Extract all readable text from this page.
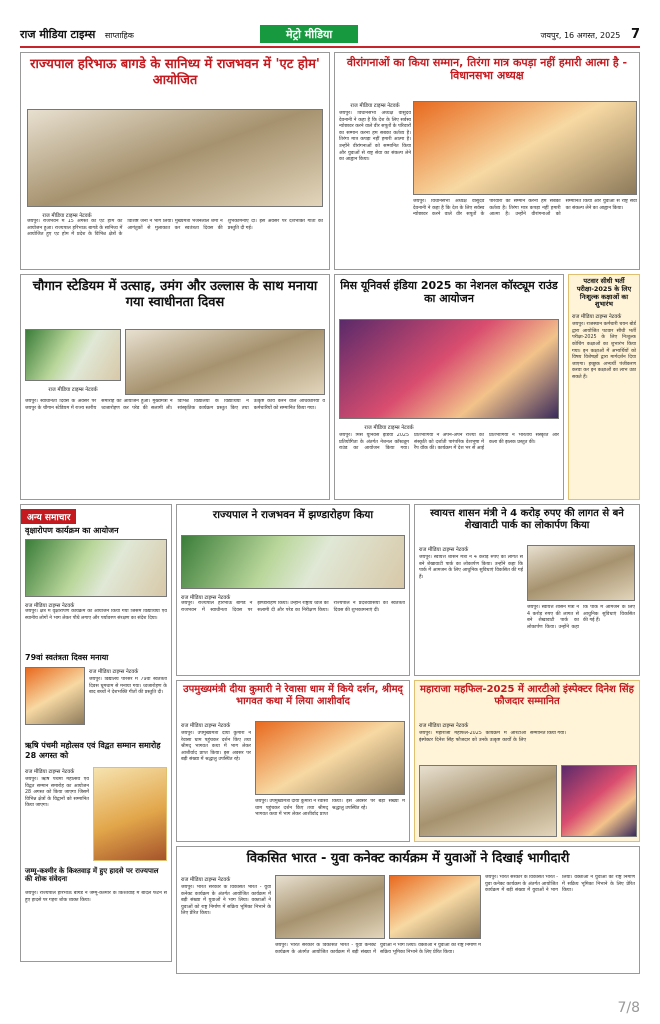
राज मीडिया टाइम्स साप्ताहिक	मेट्रो मीडिया	जयपुर, 16 अगस्त, 2025 7
राज्यपाल हरिभाऊ बागडे के सानिध्य में राजभवन में 'एट होम' आयोजित
राज मीडिया टाइम्स नेटवर्क
जयपुर। राजभवन में 15 अगस्त को एट होम का आयोजन हुआ। राज्यपाल हरिभाऊ बागडे के सानिध्य में आयोजित हुए एट होम में प्रदेश के विभिन्न क्षेत्रों के विशिष्ट जनों ने भाग लिया। मुख्यमंत्री भजनलाल शर्मा ने आगंतुकों से मुलाकात कर स्वतंत्रता दिवस की शुभकामनाएं दीं। इस अवसर पर देशभक्ति गीतों की प्रस्तुति दी गई।
वीरांगनाओं का किया सम्मान, तिरंगा मात्र कपड़ा नहीं हमारी आत्मा है - विधानसभा अध्यक्ष
राज मीडिया टाइम्स नेटवर्क
जयपुर। विधानसभा अध्यक्ष वासुदेव देवनानी ने कहा है कि देश के लिए सर्वस्व न्योछावर करने वाले वीर सपूतों के परिवारों का सम्मान करना हम सबका कर्तव्य है। तिरंगा मात्र कपड़ा नहीं हमारी आत्मा है। उन्होंने वीरांगनाओं को सम्मानित किया और युवाओं से राष्ट्र सेवा का संकल्प लेने का आह्वान किया।
जयपुर। विधानसभा अध्यक्ष वासुदेव देवनानी ने कहा है कि देश के लिए सर्वस्व न्योछावर करने वाले वीर सपूतों के परिवारों का सम्मान करना हम सबका कर्तव्य है। तिरंगा मात्र कपड़ा नहीं हमारी आत्मा है। उन्होंने वीरांगनाओं को सम्मानित किया और युवाओं से राष्ट्र सेवा का संकल्प लेने का आह्वान किया।
चौगान स्टेडियम में उत्साह, उमंग और उल्लास के साथ मनाया गया स्वाधीनता दिवस
राज मीडिया टाइम्स नेटवर्क
जयपुर। स्वाधीनता दिवस के अवसर पर जयपुर के चौगान स्टेडियम में राज्य स्तरीय समारोह का आयोजन हुआ। मुख्यमंत्री ने ध्वजारोहण कर परेड की सलामी ली। विभिन्न विद्यालयों के विद्यार्थियों ने सांस्कृतिक कार्यक्रम प्रस्तुत किए तथा उत्कृष्ट कार्य करने वाले अधिकारियों व कर्मचारियों को सम्मानित किया गया।
मिस यूनिवर्स इंडिया 2025 का नेशनल कॉस्ट्यूम राउंड का आयोजन
राज मीडिया टाइम्स नेटवर्क
जयपुर। मिस यूनिवर्स इंडिया 2025 प्रतियोगिता के अंतर्गत नेशनल कॉस्ट्यूम राउंड का आयोजन किया गया। प्रतिभागियों ने अपने-अपने राज्यों की संस्कृति को दर्शाती पारंपरिक वेशभूषा में रैंप वॉक की। कार्यक्रम में देश भर से आई प्रतिभागियों ने भारतीय संस्कृति और कला की झलक प्रस्तुत की।
पटवार सीधी भर्ती परीक्षा-2025 के लिए निःशुल्क कक्षाओं का शुभारंभ
राज मीडिया टाइम्स नेटवर्क
जयपुर। राजस्थान कर्मचारी चयन बोर्ड द्वारा आयोजित पटवार सीधी भर्ती परीक्षा-2025 के लिए निःशुल्क कोचिंग कक्षाओं का शुभारंभ किया गया। इन कक्षाओं में अभ्यर्थियों को विषय विशेषज्ञों द्वारा मार्गदर्शन दिया जाएगा। इच्छुक अभ्यर्थी पंजीकरण करवा कर इन कक्षाओं का लाभ उठा सकते हैं।
अन्य समाचार
वृक्षारोपण कार्यक्रम का आयोजन
राज मीडिया टाइम्स नेटवर्क
जयपुर। क्षेत्र में वृक्षारोपण कार्यक्रम का आयोजन किया गया जिसमें विद्यार्थियों एवं स्थानीय लोगों ने भाग लेकर पौधे लगाए और पर्यावरण संरक्षण का संदेश दिया।
79वां स्वतंत्रता दिवस मनाया
राज मीडिया टाइम्स नेटवर्क
जयपुर। विद्यालय परिसर में 79वां स्वतंत्रता दिवस धूमधाम से मनाया गया। ध्वजारोहण के बाद बच्चों ने देशभक्ति गीतों की प्रस्तुति दी।
ऋषि पंचमी महोत्सव एवं विद्वत सम्मान समारोह 28 अगस्त को
राज मीडिया टाइम्स नेटवर्क
जयपुर। ऋषि पंचमी महोत्सव एवं विद्वत सम्मान समारोह का आयोजन 28 अगस्त को किया जाएगा जिसमें विभिन्न क्षेत्रों के विद्वानों को सम्मानित किया जाएगा।
जम्मू-कश्मीर के किश्तवाड़ में हुए हादसे पर राज्यपाल की शोक संवेदना
जयपुर। राज्यपाल हरिभाऊ बागडे ने जम्मू-कश्मीर के किश्तवाड़ में बादल फटने से हुए हादसे पर गहरा शोक व्यक्त किया।
राज्यपाल ने राजभवन में झण्डारोहण किया
राज मीडिया टाइम्स नेटवर्क
जयपुर। राज्यपाल हरिभाऊ बागडे ने राजभवन में स्वाधीनता दिवस पर झण्डारोहण किया। उन्होंने राष्ट्रीय ध्वज को सलामी दी और परेड का निरीक्षण किया। राज्यपाल ने प्रदेशवासियों को स्वतंत्रता दिवस की शुभकामनाएं दीं।
स्वायत्त शासन मंत्री ने 4 करोड़ रुपए की लागत से बने शेखावाटी पार्क का लोकार्पण किया
राज मीडिया टाइम्स नेटवर्क
जयपुर। स्वायत्त शासन मंत्री ने 4 करोड़ रुपए की लागत से बने शेखावाटी पार्क का लोकार्पण किया। उन्होंने कहा कि पार्क में आमजन के लिए आधुनिक सुविधाएं विकसित की गई हैं।
जयपुर। स्वायत्त शासन मंत्री ने 4 करोड़ रुपए की लागत से बने शेखावाटी पार्क का लोकार्पण किया। उन्होंने कहा कि पार्क में आमजन के लिए आधुनिक सुविधाएं विकसित की गई हैं।
उपमुख्यमंत्री दीया कुमारी ने रेवासा धाम में किये दर्शन, श्रीमद् भागवत कथा में लिया आशीर्वाद
राज मीडिया टाइम्स नेटवर्क
जयपुर। उपमुख्यमंत्री दीया कुमारी ने रेवासा धाम पहुंचकर दर्शन किए तथा श्रीमद् भागवत कथा में भाग लेकर आशीर्वाद प्राप्त किया। इस अवसर पर बड़ी संख्या में श्रद्धालु उपस्थित रहे।
जयपुर। उपमुख्यमंत्री दीया कुमारी ने रेवासा धाम पहुंचकर दर्शन किए तथा श्रीमद् भागवत कथा में भाग लेकर आशीर्वाद प्राप्त किया। इस अवसर पर बड़ी संख्या में श्रद्धालु उपस्थित रहे।
महाराजा महफिल-2025 में आरटीओ इंस्पेक्टर दिनेश सिंह फौजदार सम्मानित
राज मीडिया टाइम्स नेटवर्क
जयपुर। महाराजा महफिल-2025 कार्यक्रम में आरटीओ इंस्पेक्टर दिनेश सिंह फौजदार को उनके उत्कृष्ट कार्यों के लिए सम्मानित किया गया।
विकसित भारत - युवा कनेक्ट कार्यक्रम में युवाओं ने दिखाई भागीदारी
राज मीडिया टाइम्स नेटवर्क
जयपुर। भारत सरकार के विकसित भारत - युवा कनेक्ट कार्यक्रम के अंतर्गत आयोजित कार्यक्रम में बड़ी संख्या में युवाओं ने भाग लिया। वक्ताओं ने युवाओं को राष्ट्र निर्माण में सक्रिय भूमिका निभाने के लिए प्रेरित किया।
जयपुर। भारत सरकार के विकसित भारत - युवा कनेक्ट कार्यक्रम के अंतर्गत आयोजित कार्यक्रम में बड़ी संख्या में युवाओं ने भाग लिया। वक्ताओं ने युवाओं को राष्ट्र निर्माण में सक्रिय भूमिका निभाने के लिए प्रेरित किया।
जयपुर। भारत सरकार के विकसित भारत - युवा कनेक्ट कार्यक्रम के अंतर्गत आयोजित कार्यक्रम में बड़ी संख्या में युवाओं ने भाग लिया। वक्ताओं ने युवाओं को राष्ट्र निर्माण में सक्रिय भूमिका निभाने के लिए प्रेरित किया।
7/8
